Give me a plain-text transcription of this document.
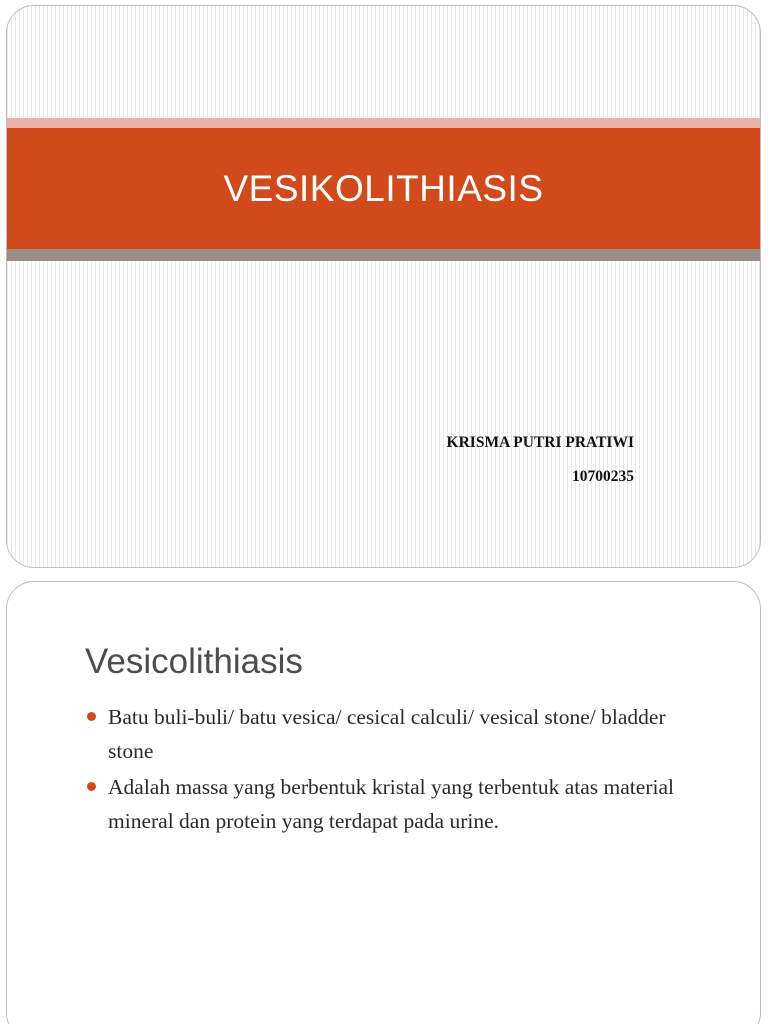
VESIKOLITHIASIS
KRISMA PUTRI PRATIWI
10700235
Vesicolithiasis
Batu buli-buli/ batu vesica/ cesical calculi/ vesical stone/ bladder stone
Adalah massa yang berbentuk kristal yang terbentuk atas material mineral dan protein yang terdapat pada urine.
